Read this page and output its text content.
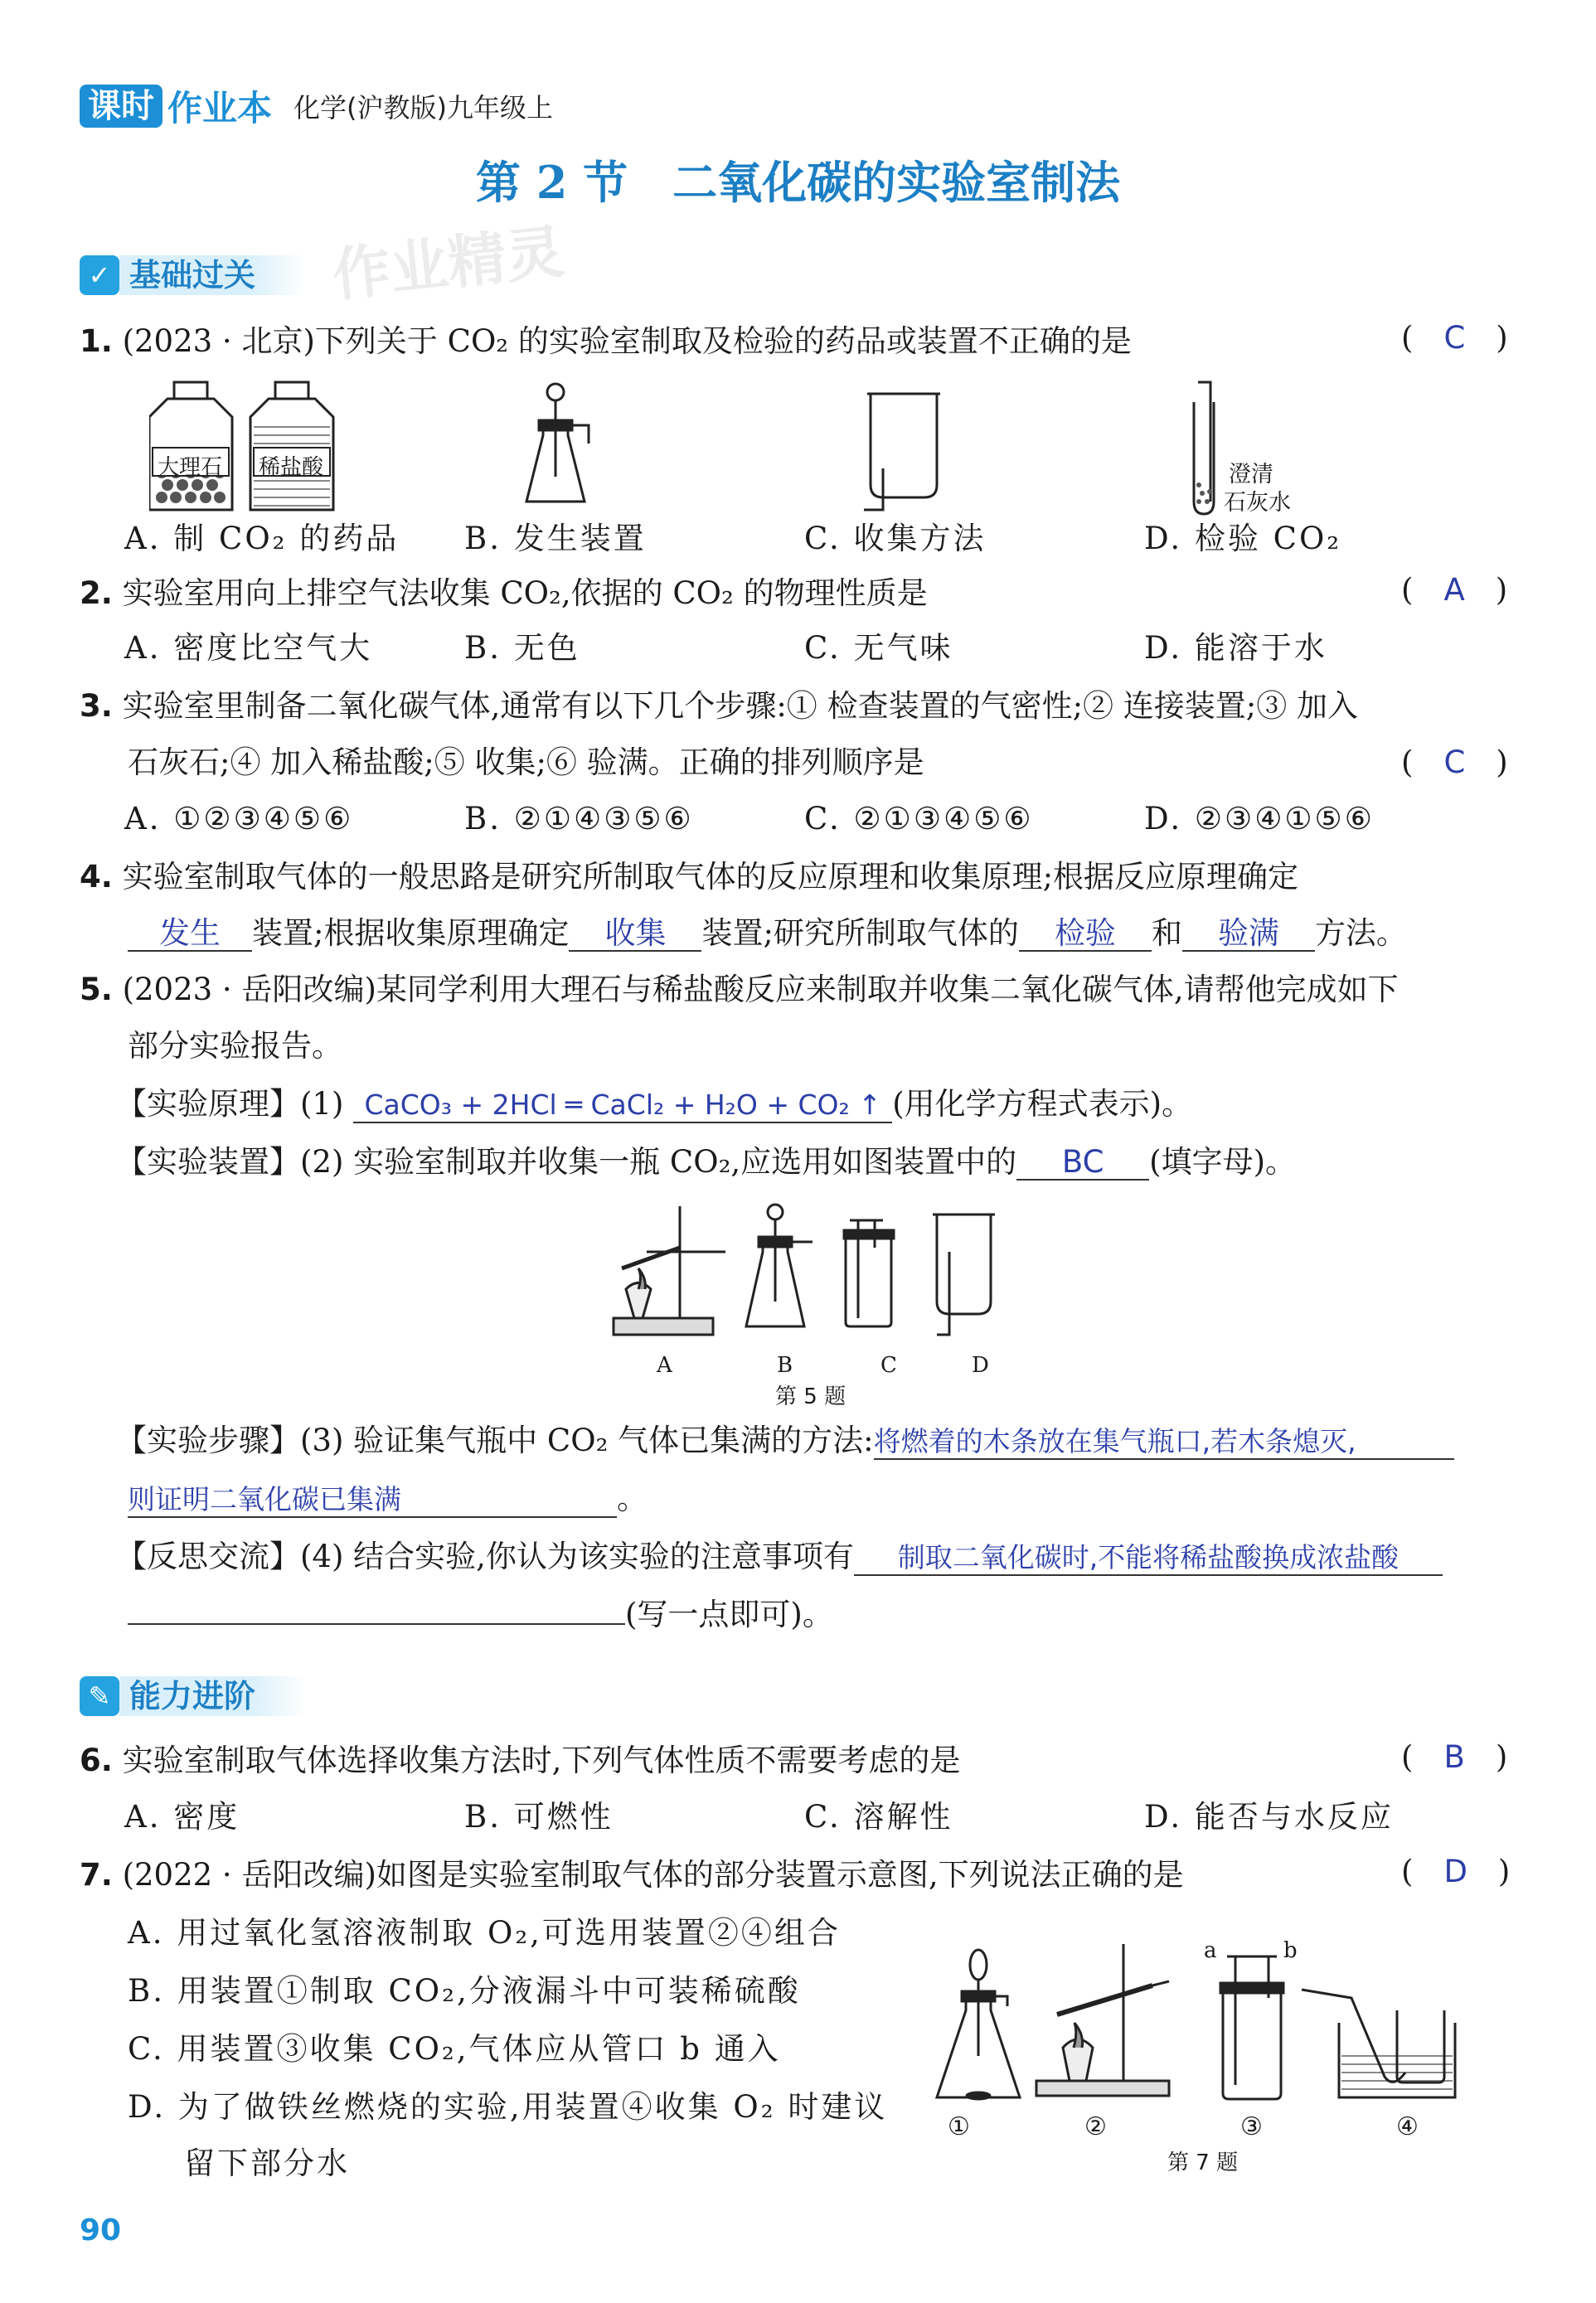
课时 作业本 化学(沪教版)九年级上
第 2 节　二氧化碳的实验室制法
作业精灵
✓ 基础过关
1. (2023 · 北京)下列关于 CO₂ 的实验室制取及检验的药品或装置不正确的是	(　C　)
大理石 稀盐酸	澄清
石灰水
A. 制 CO₂ 的药品 B. 发生装置	C. 收集方法	D. 检验 CO₂
2. 实验室用向上排空气法收集 CO₂,依据的 CO₂ 的物理性质是	(　A　)
A. 密度比空气大	B. 无色	C. 无气味	D. 能溶于水
3. 实验室里制备二氧化碳气体,通常有以下几个步骤:① 检查装置的气密性;② 连接装置;③ 加入
石灰石;④ 加入稀盐酸;⑤ 收集;⑥ 验满。正确的排列顺序是	(　C　)
A. ①②③④⑤⑥	B. ②①④③⑤⑥	C. ②①③④⑤⑥	D. ②③④①⑤⑥
4. 实验室制取气体的一般思路是研究所制取气体的反应原理和收集原理;根据反应原理确定
发生 装置;根据收集原理确定 收集 装置;研究所制取气体的 检验 和 验满 方法。
5. (2023 · 岳阳改编)某同学利用大理石与稀盐酸反应来制取并收集二氧化碳气体,请帮他完成如下
部分实验报告。
【实验原理】(1) CaCO₃ + 2HCl ═ CaCl₂ + H₂O + CO₂ ↑ (用化学方程式表示)。
【实验装置】(2) 实验室制取并收集一瓶 CO₂,应选用如图装置中的 BC (填字母)。
A	B	C	D
第 5 题
【实验步骤】(3) 验证集气瓶中 CO₂ 气体已集满的方法:将燃着的木条放在集气瓶口,若木条熄灭,
则证明二氧化碳已集满	。
【反思交流】(4) 结合实验,你认为该实验的注意事项有 制取二氧化碳时,不能将稀盐酸换成浓盐酸
(写一点即可)。
✎ 能力进阶
6. 实验室制取气体选择收集方法时,下列气体性质不需要考虑的是	(　B　)
A. 密度	B. 可燃性	C. 溶解性	D. 能否与水反应
7. (2022 · 岳阳改编)如图是实验室制取气体的部分装置示意图,下列说法正确的是	(　D　)
A. 用过氧化氢溶液制取 O₂,可选用装置②④组合
B. 用装置①制取 CO₂,分液漏斗中可装稀硫酸
C. 用装置③收集 CO₂,气体应从管口 b 通入
D. 为了做铁丝燃烧的实验,用装置④收集 O₂ 时建议
留下部分水
a	b
①	②	③	④
第 7 题
90
